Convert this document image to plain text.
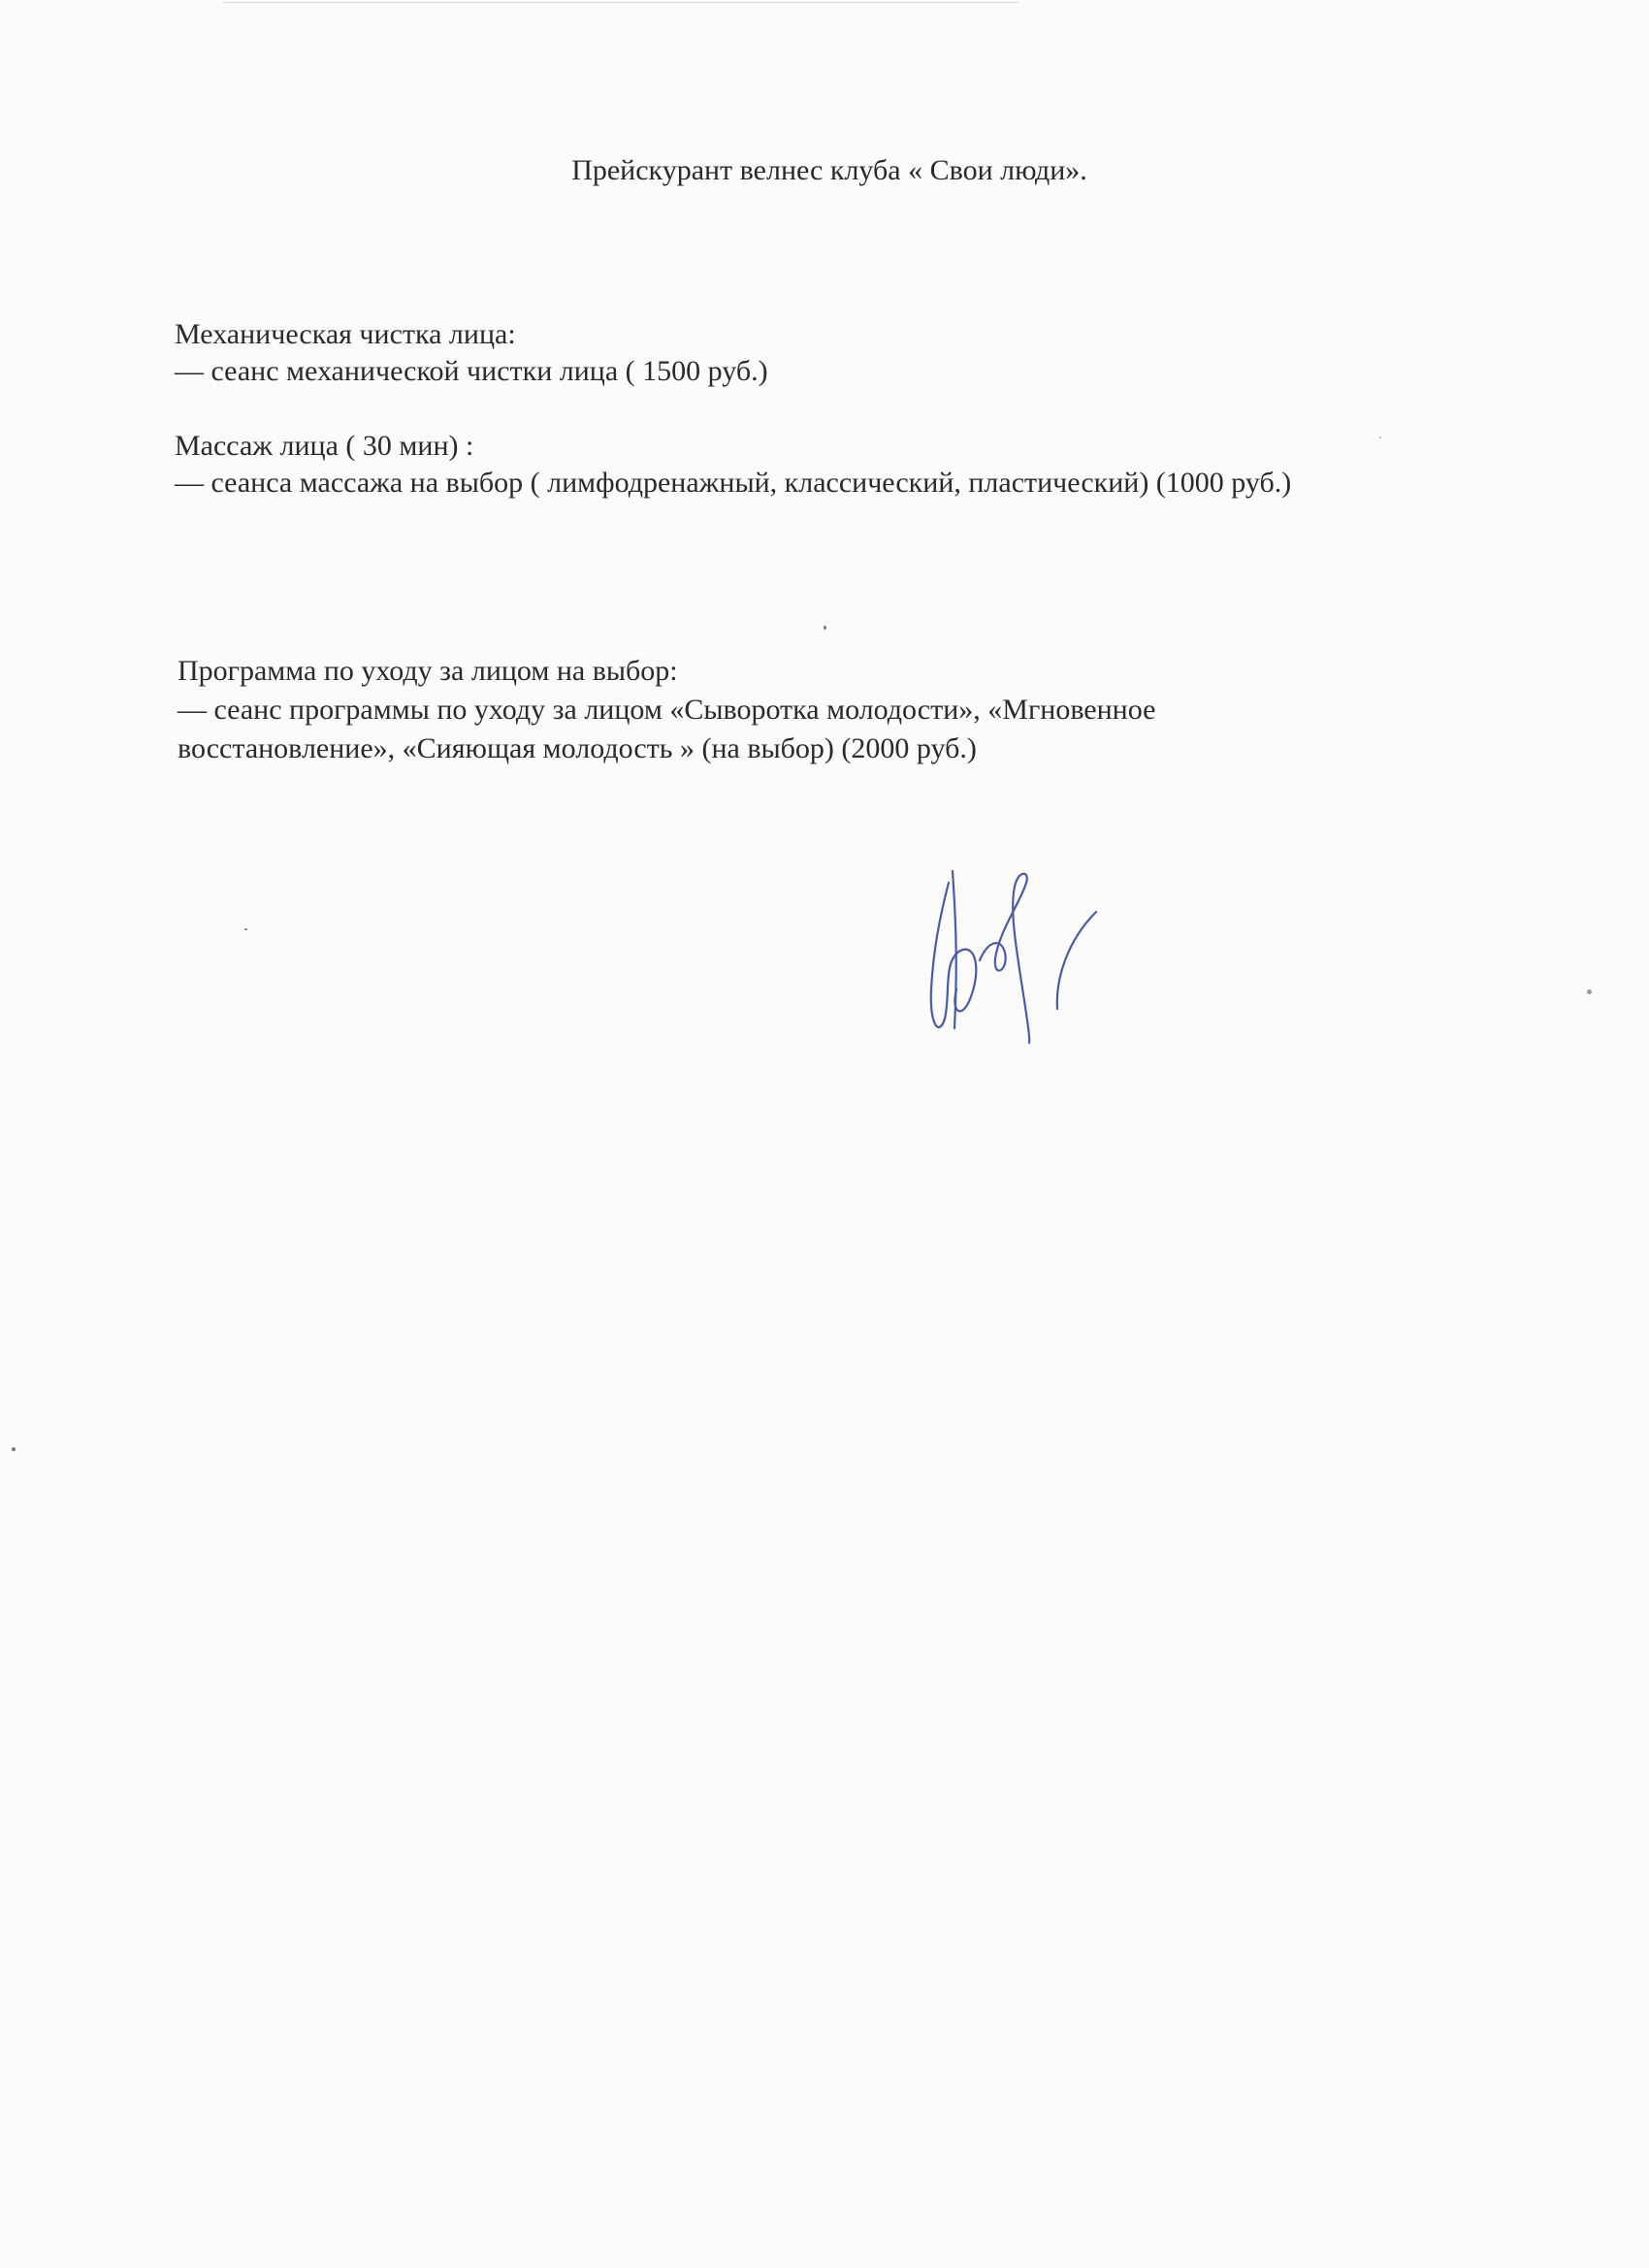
Прейскурант велнес клуба « Свои люди».
Механическая чистка лица:
— сеанс механической чистки лица ( 1500 руб.)
Массаж лица ( 30 мин) :
— сеанса массажа на выбор ( лимфодренажный, классический, пластический) (1000 руб.)
Программа по уходу за лицом на выбор:
— сеанс программы по уходу за лицом «Сыворотка молодости», «Мгновенное
восстановление», «Сияющая молодость » (на выбор) (2000 руб.)
